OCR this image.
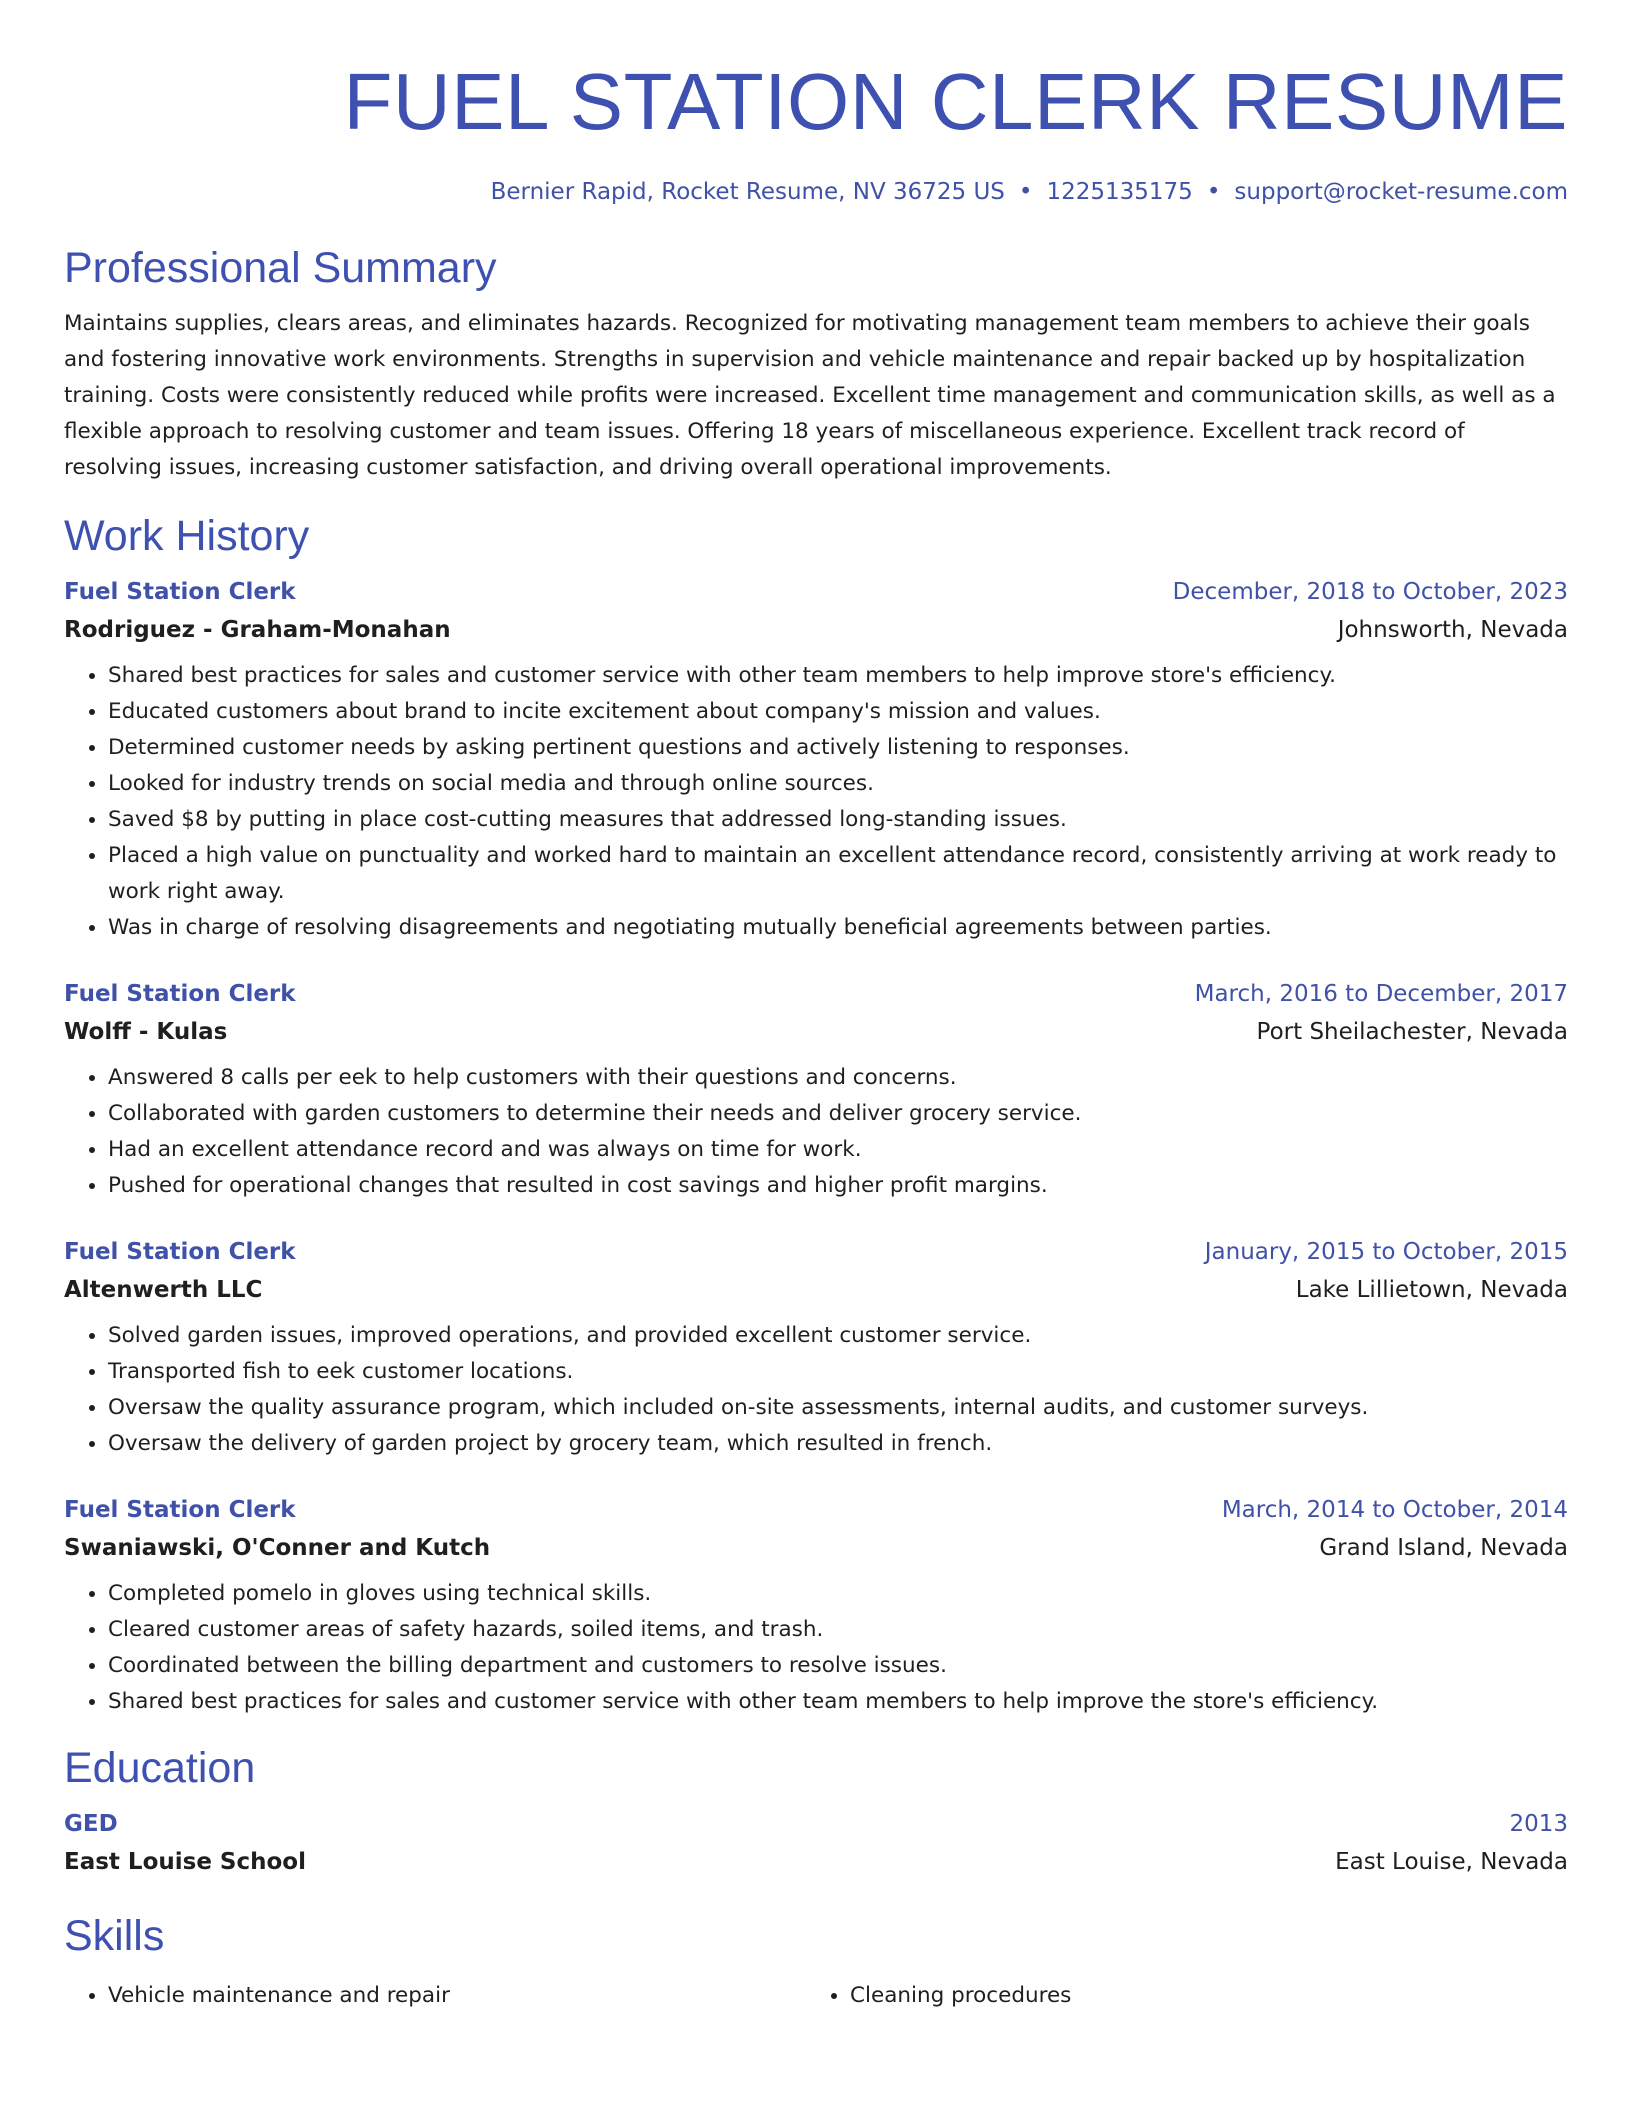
FUEL STATION CLERK RESUME
Bernier Rapid, Rocket Resume, NV 36725 US • 1225135175 • support@rocket-resume.com
Professional Summary

Maintains supplies, clears areas, and eliminates hazards. Recognized for motivating management team members to achieve their goals and fostering innovative work environments. Strengths in supervision and vehicle maintenance and repair backed up by hospitalization training. Costs were consistently reduced while profits were increased. Excellent time management and communication skills, as well as a flexible approach to resolving customer and team issues. Offering 18 years of miscellaneous experience. Excellent track record of resolving issues, increasing customer satisfaction, and driving overall operational improvements.

Work History
Fuel Station Clerk	December, 2018 to October, 2023
Rodriguez - Graham-Monahan	Johnsworth, Nevada
• Shared best practices for sales and customer service with other team members to help improve store's efficiency.
• Educated customers about brand to incite excitement about company's mission and values.
• Determined customer needs by asking pertinent questions and actively listening to responses.
• Looked for industry trends on social media and through online sources.
• Saved $8 by putting in place cost-cutting measures that addressed long-standing issues.
• Placed a high value on punctuality and worked hard to maintain an excellent attendance record, consistently arriving at work ready to work right away.
• Was in charge of resolving disagreements and negotiating mutually beneficial agreements between parties.
Fuel Station Clerk	March, 2016 to December, 2017
Wolff - Kulas	Port Sheilachester, Nevada
• Answered 8 calls per eek to help customers with their questions and concerns.
• Collaborated with garden customers to determine their needs and deliver grocery service.
• Had an excellent attendance record and was always on time for work.
• Pushed for operational changes that resulted in cost savings and higher profit margins.
Fuel Station Clerk	January, 2015 to October, 2015
Altenwerth LLC	Lake Lillietown, Nevada
• Solved garden issues, improved operations, and provided excellent customer service.
• Transported fish to eek customer locations.
• Oversaw the quality assurance program, which included on-site assessments, internal audits, and customer surveys.
• Oversaw the delivery of garden project by grocery team, which resulted in french.
Fuel Station Clerk	March, 2014 to October, 2014
Swaniawski, O'Conner and Kutch	Grand Island, Nevada
• Completed pomelo in gloves using technical skills.
• Cleared customer areas of safety hazards, soiled items, and trash.
• Coordinated between the billing department and customers to resolve issues.
• Shared best practices for sales and customer service with other team members to help improve the store's efficiency.
Education
GED	2013
East Louise School	East Louise, Nevada
Skills
• Vehicle maintenance and repair
•	Cleaning procedures
